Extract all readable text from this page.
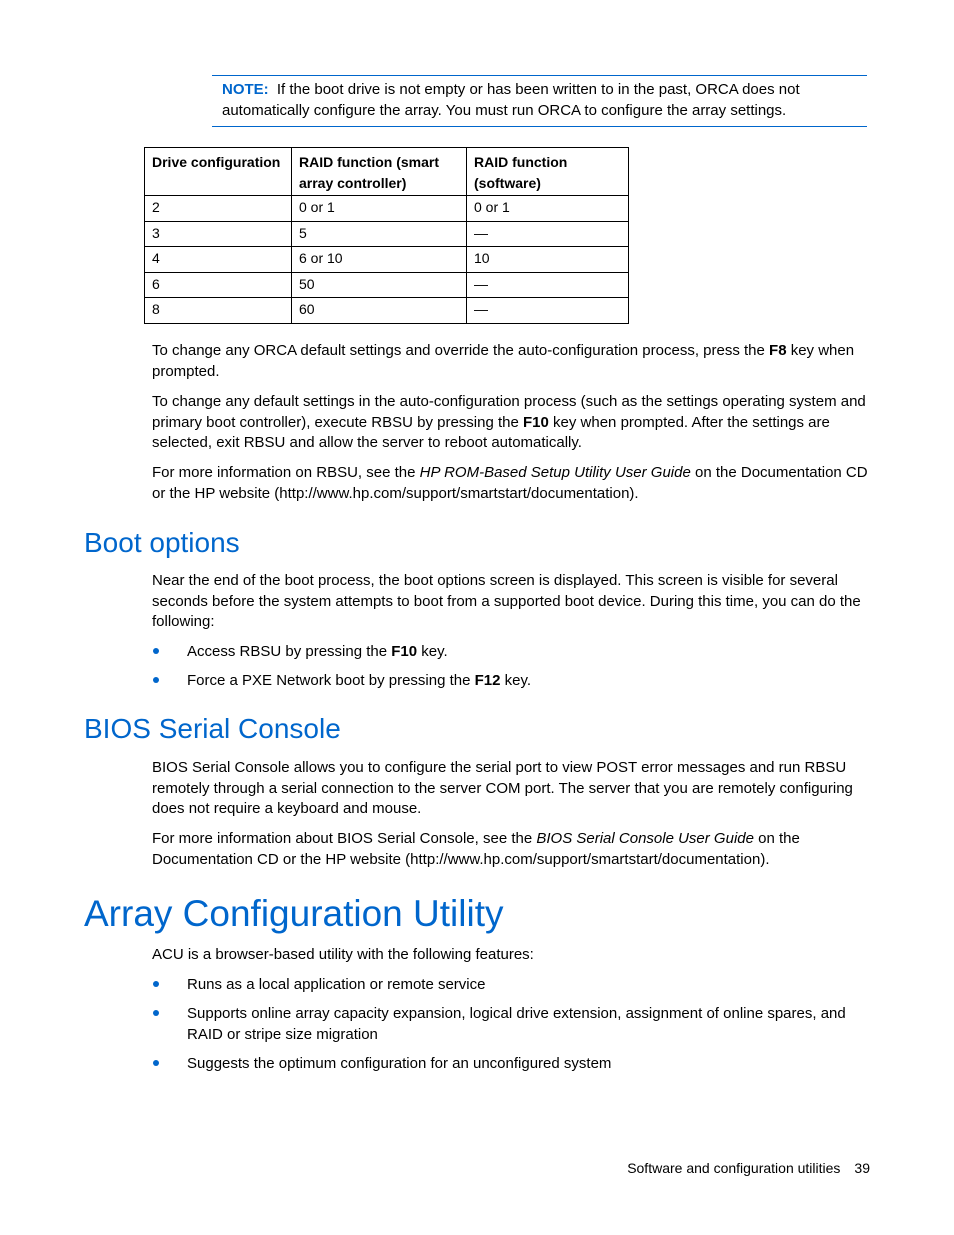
NOTE: If the boot drive is not empty or has been written to in the past, ORCA does not automatically configure the array. You must run ORCA to configure the array settings.
Drive configuration	RAID function (smart array controller)	RAID function (software)
2	0 or 1	0 or 1
3	5	—
4	6 or 10	10
6	50	—
8	60	—

To change any ORCA default settings and override the auto-configuration process, press the F8 key when prompted.

To change any default settings in the auto-configuration process (such as the settings operating system and primary boot controller), execute RBSU by pressing the F10 key when prompted. After the settings are selected, exit RBSU and allow the server to reboot automatically.

For more information on RBSU, see the HP ROM-Based Setup Utility User Guide on the Documentation CD or the HP website (http://www.hp.com/support/smartstart/documentation).

Boot options

Near the end of the boot process, the boot options screen is displayed. This screen is visible for several seconds before the system attempts to boot from a supported boot device. During this time, you can do the following:

Access RBSU by pressing the F10 key.
Force a PXE Network boot by pressing the F12 key.
BIOS Serial Console

BIOS Serial Console allows you to configure the serial port to view POST error messages and run RBSU remotely through a serial connection to the server COM port. The server that you are remotely configuring does not require a keyboard and mouse.

For more information about BIOS Serial Console, see the BIOS Serial Console User Guide on the Documentation CD or the HP website (http://www.hp.com/support/smartstart/documentation).

Array Configuration Utility

ACU is a browser-based utility with the following features:

Runs as a local application or remote service
Supports online array capacity expansion, logical drive extension, assignment of online spares, and RAID or stripe size migration
Suggests the optimum configuration for an unconfigured system
Software and configuration utilities 39
